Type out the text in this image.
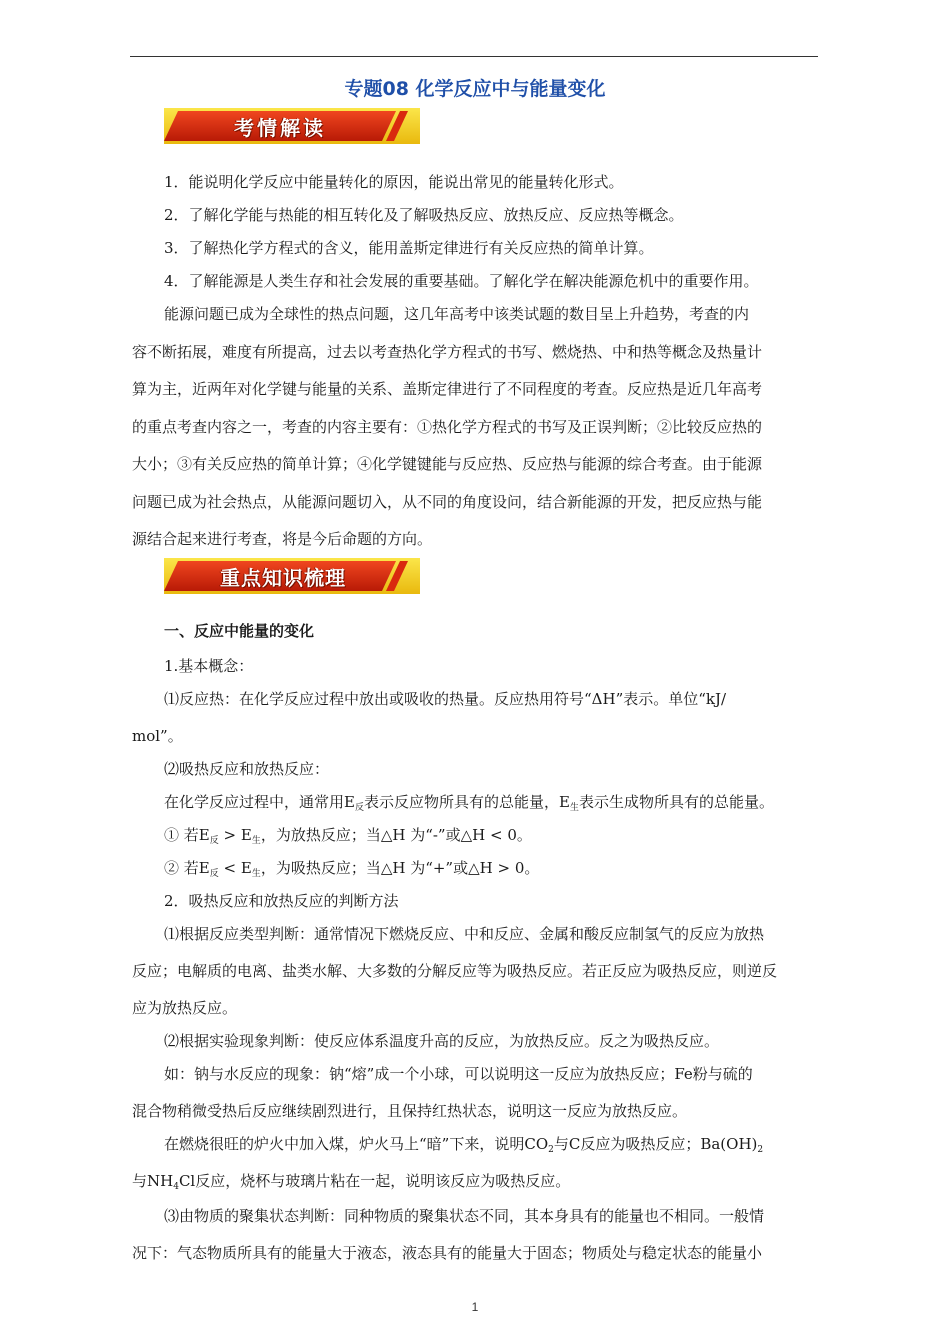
专题08 化学反应中与能量变化
考情解读
1．能说明化学反应中能量转化的原因，能说出常见的能量转化形式。
2．了解化学能与热能的相互转化及了解吸热反应、放热反应、反应热等概念。
3．了解热化学方程式的含义，能用盖斯定律进行有关反应热的简单计算。
4．了解能源是人类生存和社会发展的重要基础。了解化学在解决能源危机中的重要作用。
能源问题已成为全球性的热点问题，这几年高考中该类试题的数目呈上升趋势，考查的内
容不断拓展，难度有所提高，过去以考查热化学方程式的书写、燃烧热、中和热等概念及热量计
算为主，近两年对化学键与能量的关系、盖斯定律进行了不同程度的考查。反应热是近几年高考
的重点考查内容之一，考查的内容主要有：①热化学方程式的书写及正误判断；②比较反应热的
大小；③有关反应热的简单计算；④化学键键能与反应热、反应热与能源的综合考查。由于能源
问题已成为社会热点，从能源问题切入，从不同的角度设问，结合新能源的开发，把反应热与能
源结合起来进行考查，将是今后命题的方向。
重点知识梳理
一、反应中能量的变化
1.基本概念：
⑴反应热：在化学反应过程中放出或吸收的热量。反应热用符号“ΔH”表示。单位“kJ/
mol”。
⑵吸热反应和放热反应：
在化学反应过程中，通常用$E_反$表示反应物所具有的总能量，$E_生$表示生成物所具有的总能量。
① 若$E_反 > E_生$，为放热反应；当△H 为“-”或△H < 0。
② 若$E_反 < E_生$，为吸热反应；当△H 为“+”或△H > 0。
2．吸热反应和放热反应的判断方法
⑴根据反应类型判断：通常情况下燃烧反应、中和反应、金属和酸反应制氢气的反应为放热
反应；电解质的电离、盐类水解、大多数的分解反应等为吸热反应。若正反应为吸热反应，则逆反
应为放热反应。
⑵根据实验现象判断：使反应体系温度升高的反应，为放热反应。反之为吸热反应。
如：钠与水反应的现象：钠“熔”成一个小球，可以说明这一反应为放热反应；Fe粉与硫的
混合物稍微受热后反应继续剧烈进行，且保持红热状态，说明这一反应为放热反应。
在燃烧很旺的炉火中加入煤，炉火马上“暗”下来，说明$CO_2$与C反应为吸热反应；$Ba(OH)_2$
与$NH_4Cl$反应，烧杯与玻璃片粘在一起，说明该反应为吸热反应。
⑶由物质的聚集状态判断：同种物质的聚集状态不同，其本身具有的能量也不相同。一般情
况下：气态物质所具有的能量大于液态，液态具有的能量大于固态；物质处与稳定状态的能量小
1
